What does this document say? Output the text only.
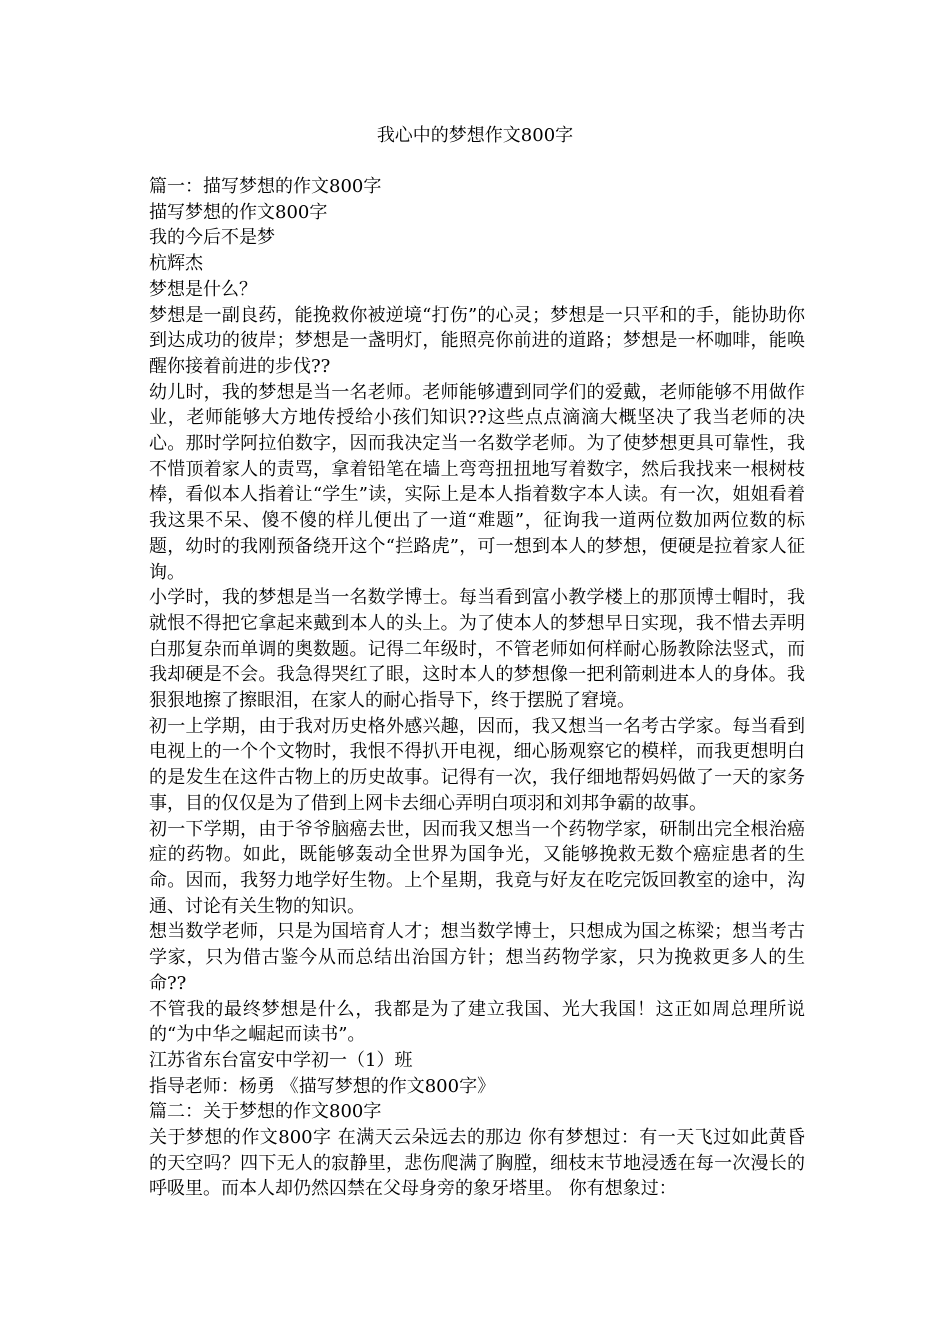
我心中的梦想作文800字

篇一：描写梦想的作文800字

描写梦想的作文800字

我的今后不是梦

杭辉杰

梦想是什么？

梦想是一副良药，能挽救你被逆境“打伤”的心灵；梦想是一只平和的手，能协助你到达成功的彼岸；梦想是一盏明灯，能照亮你前进的道路；梦想是一杯咖啡，能唤醒你接着前进的步伐??

幼儿时，我的梦想是当一名老师。老师能够遭到同学们的爱戴，老师能够不用做作业，老师能够大方地传授给小孩们知识??这些点点滴滴大概坚决了我当老师的决心。那时学阿拉伯数字，因而我决定当一名数学老师。为了使梦想更具可靠性，我不惜顶着家人的责骂，拿着铅笔在墙上弯弯扭扭地写着数字，然后我找来一根树枝棒，看似本人指着让“学生”读，实际上是本人指着数字本人读。有一次，姐姐看着我这果不呆、傻不傻的样儿便出了一道“难题”，征询我一道两位数加两位数的标题，幼时的我刚预备绕开这个“拦路虎”，可一想到本人的梦想，便硬是拉着家人征询。

小学时，我的梦想是当一名数学博士。每当看到富小教学楼上的那顶博士帽时，我就恨不得把它拿起来戴到本人的头上。为了使本人的梦想早日实现，我不惜去弄明白那复杂而单调的奥数题。记得二年级时，不管老师如何样耐心肠教除法竖式，而我却硬是不会。我急得哭红了眼，这时本人的梦想像一把利箭刺进本人的身体。我狠狠地擦了擦眼泪，在家人的耐心指导下，终于摆脱了窘境。

初一上学期，由于我对历史格外感兴趣，因而，我又想当一名考古学家。每当看到电视上的一个个文物时，我恨不得扒开电视，细心肠观察它的模样，而我更想明白的是发生在这件古物上的历史故事。记得有一次，我仔细地帮妈妈做了一天的家务事，目的仅仅是为了借到上网卡去细心弄明白项羽和刘邦争霸的故事。

初一下学期，由于爷爷脑癌去世，因而我又想当一个药物学家，研制出完全根治癌症的药物。如此，既能够轰动全世界为国争光，又能够挽救无数个癌症患者的生命。因而，我努力地学好生物。上个星期，我竟与好友在吃完饭回教室的途中，沟通、讨论有关生物的知识。

想当数学老师，只是为国培育人才；想当数学博士，只想成为国之栋梁；想当考古学家，只为借古鉴今从而总结出治国方针；想当药物学家，只为挽救更多人的生命??

不管我的最终梦想是什么，我都是为了建立我国、光大我国！这正如周总理所说的“为中华之崛起而读书”。

江苏省东台富安中学初一（1）班

指导老师：杨勇 《描写梦想的作文800字》

篇二：关于梦想的作文800字

关于梦想的作文800字 在满天云朵远去的那边 你有梦想过：有一天飞过如此黄昏的天空吗？四下无人的寂静里，悲伤爬满了胸膛，细枝末节地浸透在每一次漫长的呼吸里。而本人却仍然囚禁在父母身旁的象牙塔里。 你有想象过：
